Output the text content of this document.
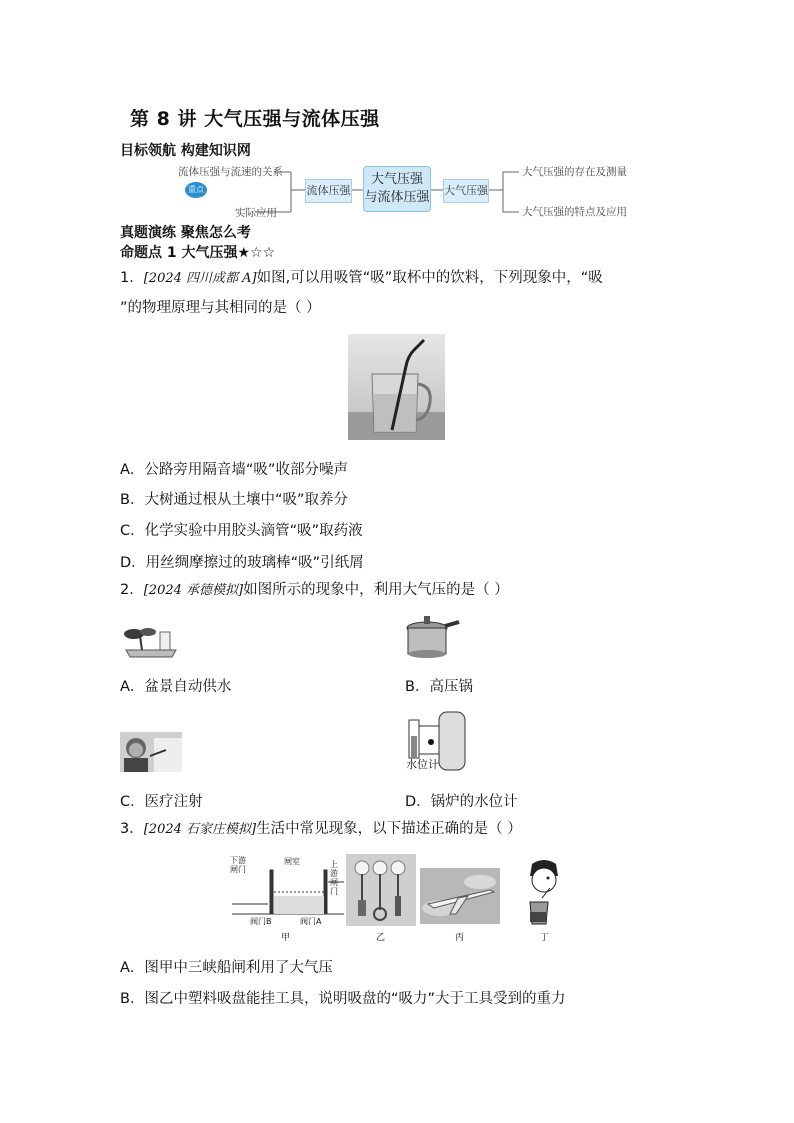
第 8 讲 大气压强与流体压强
目标领航 构建知识网
流体压强与流速的关系
重点
实际应用
流体压强
大气压强
与流体压强 大气压强
大气压强的存在及测量
大气压强的特点及应用
真题演练 聚焦怎么考
命题点 1 大气压强★☆☆
1．[2024 四川成都 A]如图,可以用吸管“吸”取杯中的饮料，下列现象中，“吸
”的物理原理与其相同的是（ ）
A．公路旁用隔音墙“吸”收部分噪声
B．大树通过根从土壤中“吸”取养分
C．化学实验中用胶头滴管“吸”取药液
D．用丝绸摩擦过的玻璃棒“吸”引纸屑
2．[2024 承德模拟]如图所示的现象中，利用大气压的是（ ）
A．盆景自动供水	B．高压锅
C．医疗注射
水位计
D．锅炉的水位计
3．[2024 石家庄模拟]生活中常见现象，以下描述正确的是（ ）
下游闸门
闸室	上游闸门
阀门B	阀门A
甲	乙	丙	丁
A．图甲中三峡船闸利用了大气压
B．图乙中塑料吸盘能挂工具，说明吸盘的“吸力”大于工具受到的重力
